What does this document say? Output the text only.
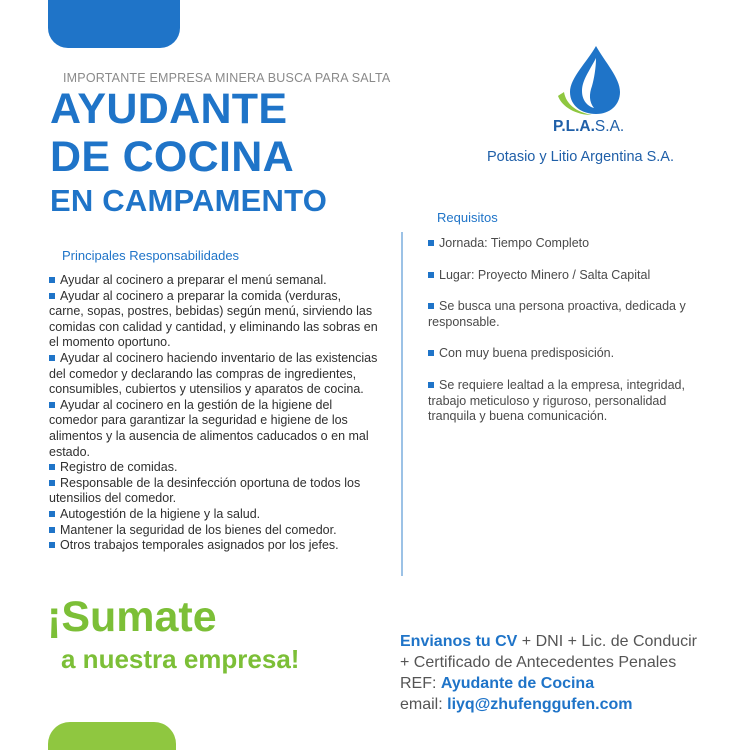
IMPORTANTE EMPRESA MINERA BUSCA PARA SALTA
AYUDANTE
DE COCINA
EN CAMPAMENTO
P.L.A.S.A.
Potasio y Litio Argentina S.A.
Principales Responsabilidades
Ayudar al cocinero a preparar el menú semanal.
Ayudar al cocinero a preparar la comida (verduras, carne, sopas, postres, bebidas) según menú, sirviendo las comidas con calidad y cantidad, y eliminando las sobras en el momento oportuno.
Ayudar al cocinero haciendo inventario de las existencias del comedor y declarando las compras de ingredientes, consumibles, cubiertos y utensilios y aparatos de cocina.
Ayudar al cocinero en la gestión de la higiene del comedor para garantizar la seguridad e higiene de los alimentos y la ausencia de alimentos caducados o en mal estado.
Registro de comidas.
Responsable de la desinfección oportuna de todos los utensilios del comedor.
Autogestión de la higiene y la salud.
Mantener la seguridad de los bienes del comedor.
Otros trabajos temporales asignados por los jefes.
Requisitos
Jornada: Tiempo Completo
Lugar: Proyecto Minero / Salta Capital
Se busca una persona proactiva, dedicada y responsable.
Con muy buena predisposición.
Se requiere lealtad a la empresa, integridad, trabajo meticuloso y riguroso, personalidad tranquila y buena comunicación.
¡Sumate
a nuestra empresa!
Envianos tu CV + DNI + Lic. de Conducir
+ Certificado de Antecedentes Penales
REF: Ayudante de Cocina
email: liyq@zhufenggufen.com
